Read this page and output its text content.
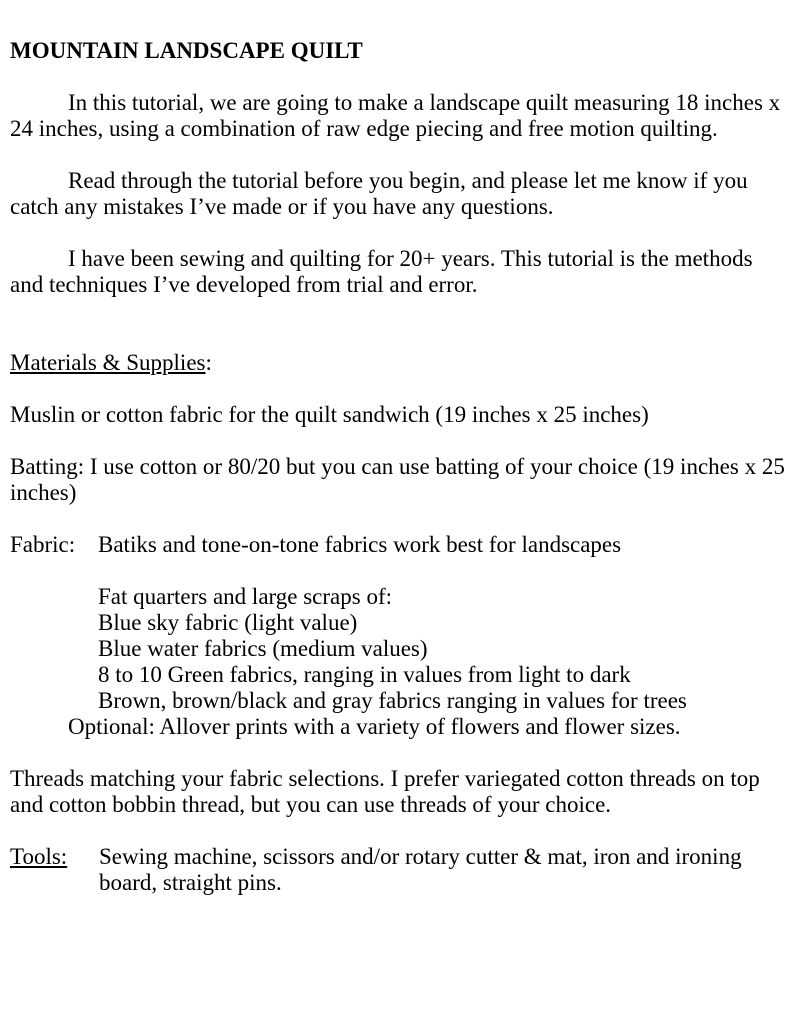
MOUNTAIN LANDSCAPE QUILT

In this tutorial, we are going to make a landscape quilt measuring 18 inches x 24 inches, using a combination of raw edge piecing and free motion quilting.

Read through the tutorial before you begin, and please let me know if you catch any mistakes I’ve made or if you have any questions.

I have been sewing and quilting for 20+ years. This tutorial is the methods and techniques I’ve developed from trial and error.

Materials & Supplies:

Muslin or cotton fabric for the quilt sandwich (19 inches x 25 inches)

Batting: I use cotton or 80/20 but you can use batting of your choice (19 inches x 25 inches)

Fabric: Batiks and tone-on-tone fabrics work best for landscapes

Fat quarters and large scraps of:

Blue sky fabric (light value)

Blue water fabrics (medium values)

8 to 10 Green fabrics, ranging in values from light to dark

Brown, brown/black and gray fabrics ranging in values for trees

Optional: Allover prints with a variety of flowers and flower sizes.

Threads matching your fabric selections. I prefer variegated cotton threads on top and cotton bobbin thread, but you can use threads of your choice.

Tools:	Sewing machine, scissors and/or rotary cutter & mat, iron and ironing board, straight pins.
